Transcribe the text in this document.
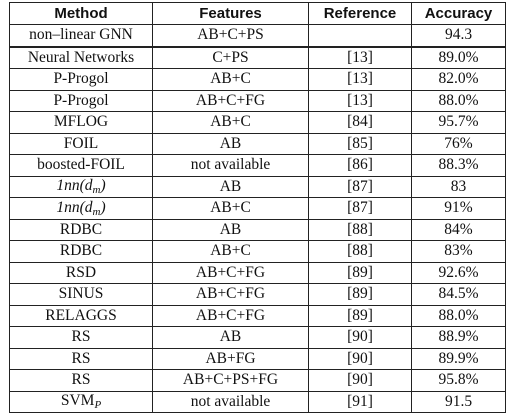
Method	Features	Reference	Accuracy
non–linear GNN	AB+C+PS		94.3
Neural Networks	C+PS	[13]	89.0%
P-Progol	AB+C	[13]	82.0%
P-Progol	AB+C+FG	[13]	88.0%
MFLOG	AB+C	[84]	95.7%
FOIL	AB	[85]	76%
boosted-FOIL	not available	[86]	88.3%
$1nn(d_m)$	AB	[87]	83
$1nn(d_m)$	AB+C	[87]	91%
RDBC	AB	[88]	84%
RDBC	AB+C	[88]	83%
RSD	AB+C+FG	[89]	92.6%
SINUS	AB+C+FG	[89]	84.5%
RELAGGS	AB+C+FG	[89]	88.0%
RS	AB	[90]	88.9%
RS	AB+FG	[90]	89.9%
RS	AB+C+PS+FG	[90]	95.8%
$SVM_P$	not available	[91]	91.5
